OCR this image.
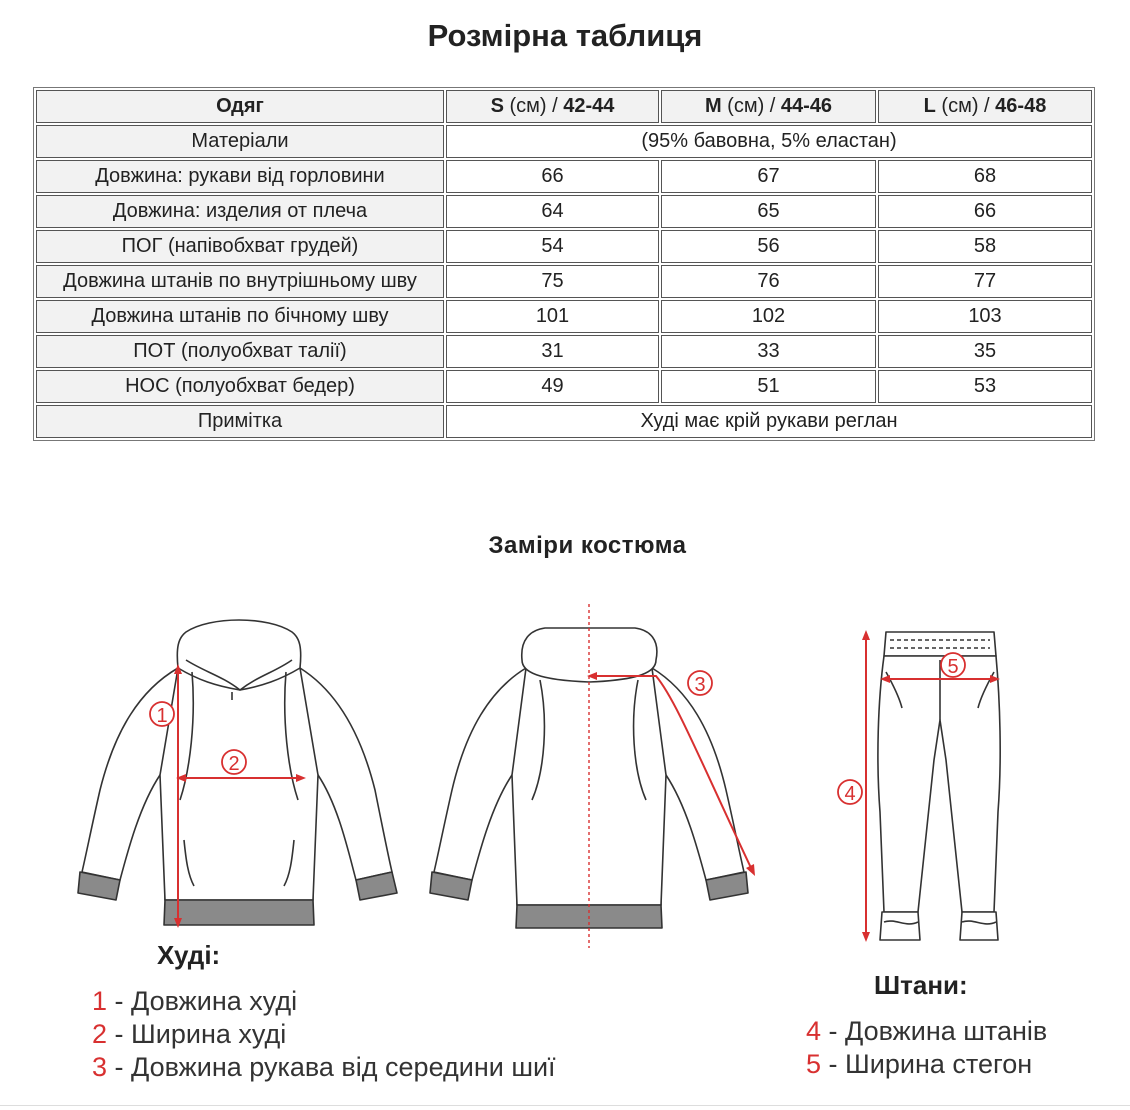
Розмірна таблиця
Одяг	S (см) / 42-44	M (см) / 44-46	L (см) / 46-48
Матеріали	(95% бавовна, 5% еластан)		
Довжина: рукави від горловини	66	67	68
Довжина: изделия от плеча	64	65	66
ПОГ (напівобхват грудей)	54	56	58
Довжина штанів по внутрішньому шву	75	76	77
Довжина штанів по бічному шву	101	102	103
ПОТ (полуобхват талії)	31	33	35
НОС (полуобхват бедер)	49	51	53
Примітка	Худі має крій рукави реглан		
Заміри костюма
1
2
3
4
5
Худі:
1 - Довжина худі
2 - Ширина худі
3 - Довжина рукава від середини шиї
Штани:
4 - Довжина штанів
5 - Ширина стегон
